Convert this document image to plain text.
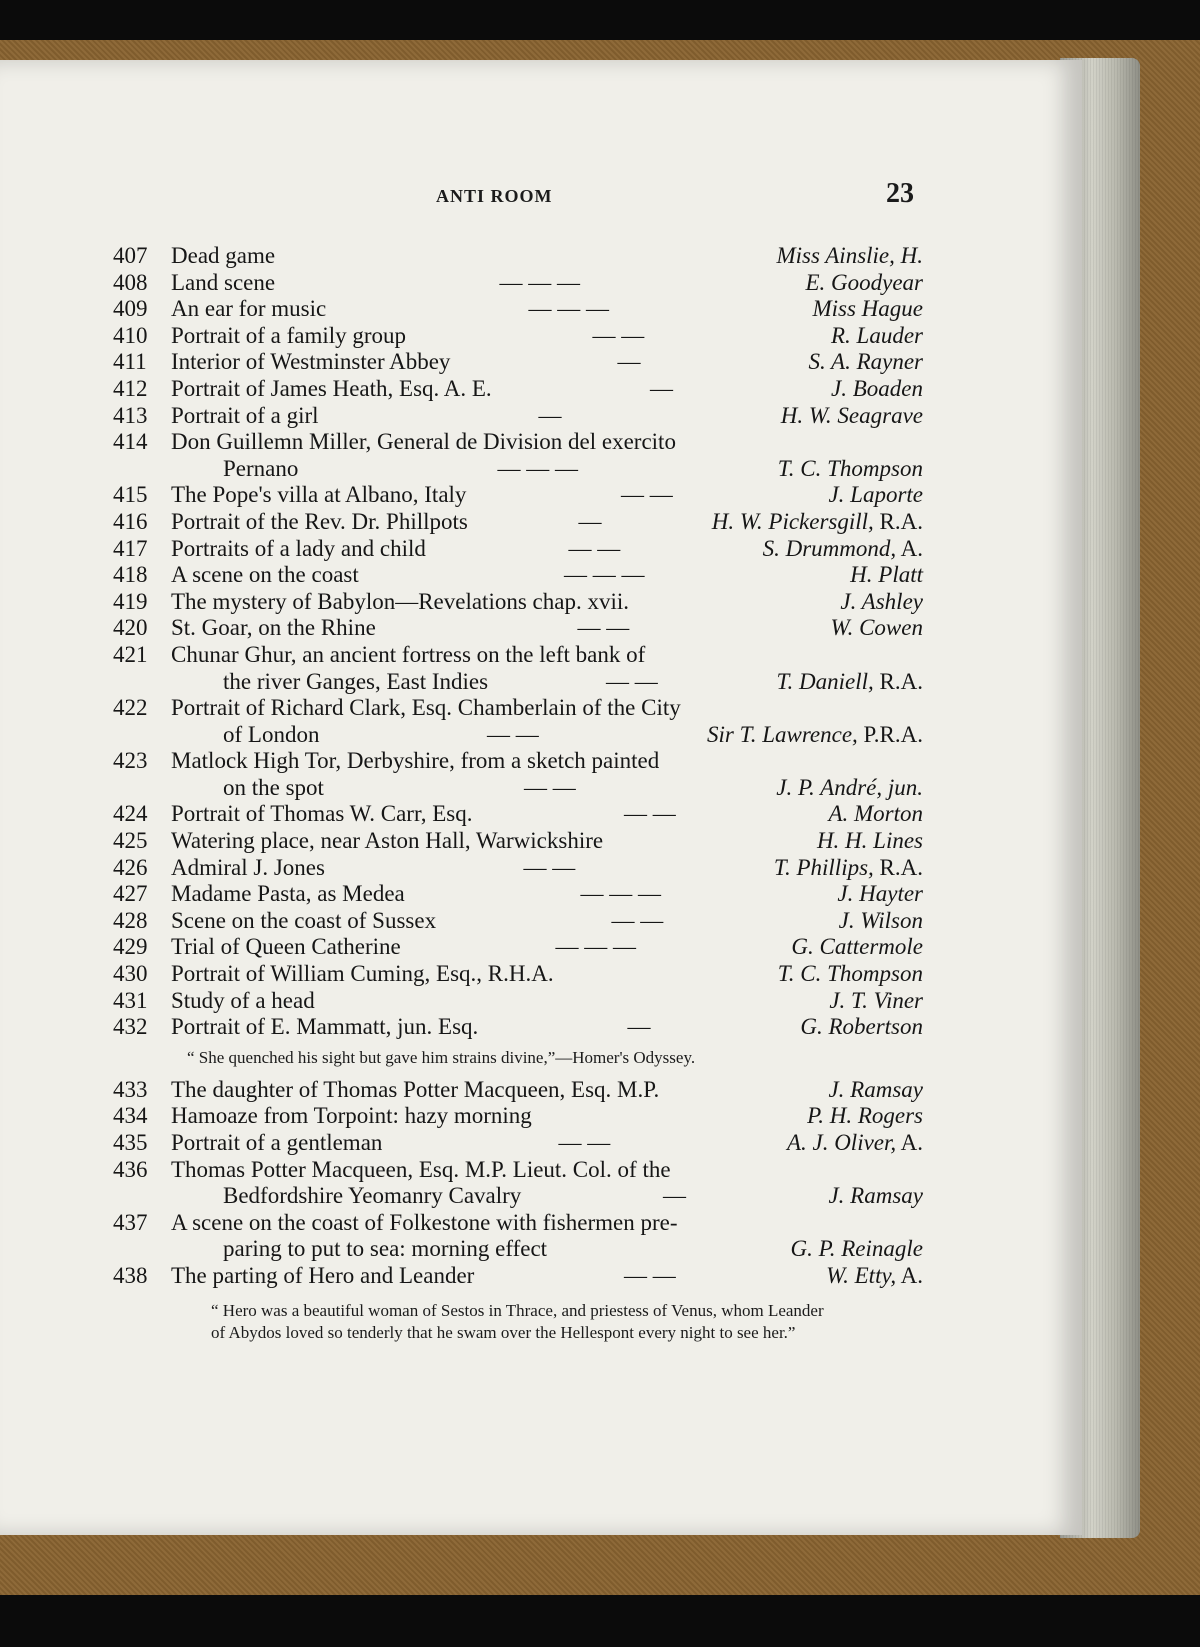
ANTI ROOM	23
407	Dead game	Miss Ainslie, H.
408	Land scene	— — —	E. Goodyear
409	An ear for music	— — —	Miss Hague
410	Portrait of a family group	— —	R. Lauder
411	Interior of Westminster Abbey	—	S. A. Rayner
412	Portrait of James Heath, Esq. A. E.	—	J. Boaden
413	Portrait of a girl	—	H. W. Seagrave
414	Don Guillemn Miller, General de Division del exercito
Pernano	— — —	T. C. Thompson
415	The Pope's villa at Albano, Italy	— —	J. Laporte
416	Portrait of the Rev. Dr. Phillpots	—	H. W. Pickersgill, R.A.
417	Portraits of a lady and child	— —	S. Drummond, A.
418	A scene on the coast	— — —	H. Platt
419	The mystery of Babylon—Revelations chap. xvii.	J. Ashley
420	St. Goar, on the Rhine	— —	W. Cowen
421	Chunar Ghur, an ancient fortress on the left bank of
the river Ganges, East Indies	— —	T. Daniell, R.A.
422	Portrait of Richard Clark, Esq. Chamberlain of the City
of London	— —	Sir T. Lawrence, P.R.A.
423	Matlock High Tor, Derbyshire, from a sketch painted
on the spot	— —	J. P. André, jun.
424	Portrait of Thomas W. Carr, Esq.	— —	A. Morton
425	Watering place, near Aston Hall, Warwickshire	H. H. Lines
426	Admiral J. Jones	— —	T. Phillips, R.A.
427	Madame Pasta, as Medea	— — —	J. Hayter
428	Scene on the coast of Sussex	— —	J. Wilson
429	Trial of Queen Catherine	— — —	G. Cattermole
430	Portrait of William Cuming, Esq., R.H.A.	T. C. Thompson
431	Study of a head	J. T. Viner
432	Portrait of E. Mammatt, jun. Esq.	—	G. Robertson
“ She quenched his sight but gave him strains divine,”—Homer's Odyssey.
433	The daughter of Thomas Potter Macqueen, Esq. M.P.	J. Ramsay
434	Hamoaze from Torpoint: hazy morning	P. H. Rogers
435	Portrait of a gentleman	— —	A. J. Oliver, A.
436	Thomas Potter Macqueen, Esq. M.P. Lieut. Col. of the
Bedfordshire Yeomanry Cavalry	—	J. Ramsay
437	A scene on the coast of Folkestone with fishermen pre-
paring to put to sea: morning effect	G. P. Reinagle
438	The parting of Hero and Leander	— —	W. Etty, A.
“ Hero was a beautiful woman of Sestos in Thrace, and priestess of Venus, whom Leander of Abydos loved so tenderly that he swam over the Hellespont every night to see her.”
